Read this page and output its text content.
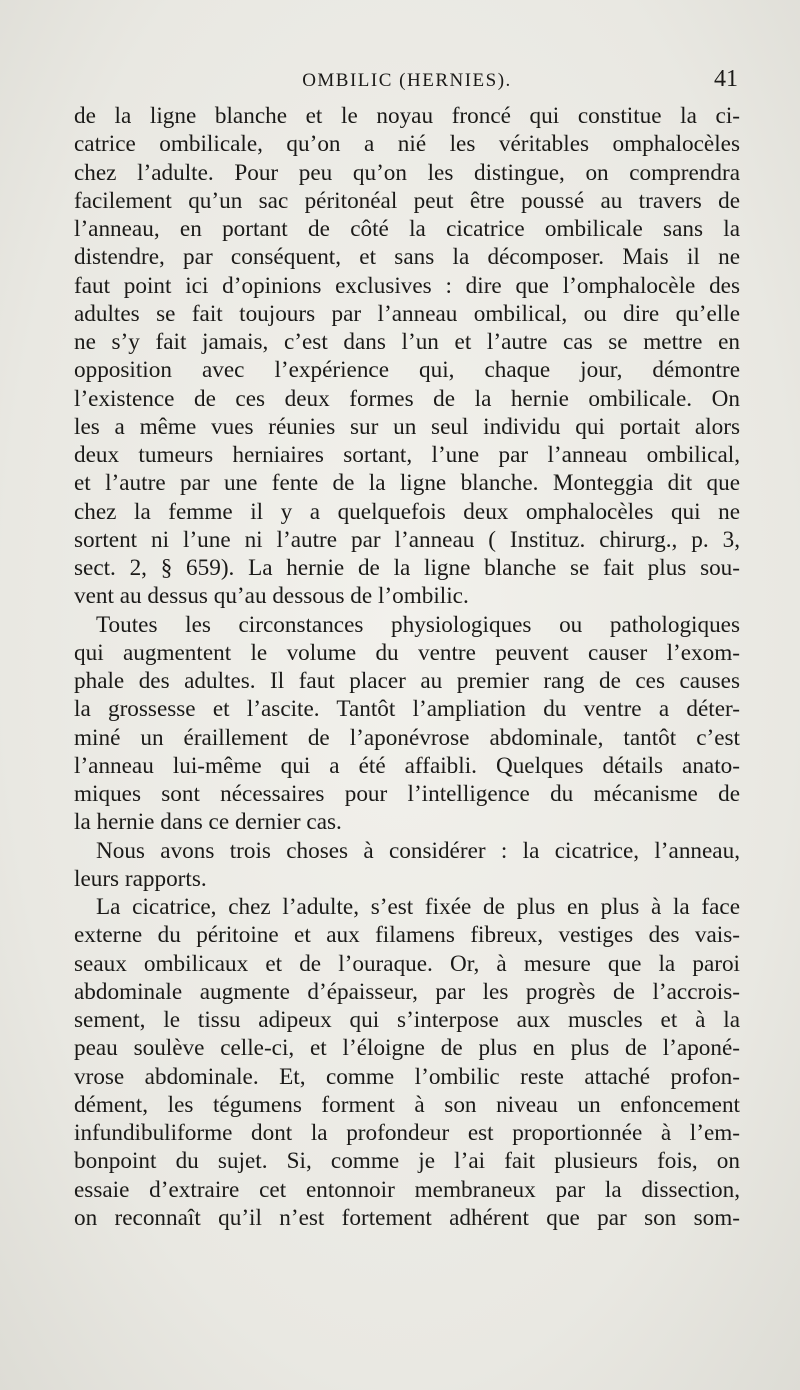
OMBILIC (HERNIES).	41
de la ligne blanche et le noyau froncé qui constitue la ci-
catrice ombilicale, qu’on a nié les véritables omphalocèles
chez l’adulte. Pour peu qu’on les distingue, on comprendra
facilement qu’un sac péritonéal peut être poussé au travers de
l’anneau, en portant de côté la cicatrice ombilicale sans la
distendre, par conséquent, et sans la décomposer. Mais il ne
faut point ici d’opinions exclusives : dire que l’omphalocèle des
adultes se fait toujours par l’anneau ombilical, ou dire qu’elle
ne s’y fait jamais, c’est dans l’un et l’autre cas se mettre en
opposition avec l’expérience qui, chaque jour, démontre
l’existence de ces deux formes de la hernie ombilicale. On
les a même vues réunies sur un seul individu qui portait alors
deux tumeurs herniaires sortant, l’une par l’anneau ombilical,
et l’autre par une fente de la ligne blanche. Monteggia dit que
chez la femme il y a quelquefois deux omphalocèles qui ne
sortent ni l’une ni l’autre par l’anneau ( Instituz. chirurg., p. 3,
sect. 2, § 659). La hernie de la ligne blanche se fait plus sou-
vent au dessus qu’au dessous de l’ombilic.
Toutes les circonstances physiologiques ou pathologiques
qui augmentent le volume du ventre peuvent causer l’exom-
phale des adultes. Il faut placer au premier rang de ces causes
la grossesse et l’ascite. Tantôt l’ampliation du ventre a déter-
miné un éraillement de l’aponévrose abdominale, tantôt c’est
l’anneau lui-même qui a été affaibli. Quelques détails anato-
miques sont nécessaires pour l’intelligence du mécanisme de
la hernie dans ce dernier cas.
Nous avons trois choses à considérer : la cicatrice, l’anneau,
leurs rapports.
La cicatrice, chez l’adulte, s’est fixée de plus en plus à la face
externe du péritoine et aux filamens fibreux, vestiges des vais-
seaux ombilicaux et de l’ouraque. Or, à mesure que la paroi
abdominale augmente d’épaisseur, par les progrès de l’accrois-
sement, le tissu adipeux qui s’interpose aux muscles et à la
peau soulève celle-ci, et l’éloigne de plus en plus de l’aponé-
vrose abdominale. Et, comme l’ombilic reste attaché profon-
dément, les tégumens forment à son niveau un enfoncement
infundibuliforme dont la profondeur est proportionnée à l’em-
bonpoint du sujet. Si, comme je l’ai fait plusieurs fois, on
essaie d’extraire cet entonnoir membraneux par la dissection,
on reconnaît qu’il n’est fortement adhérent que par son som-
